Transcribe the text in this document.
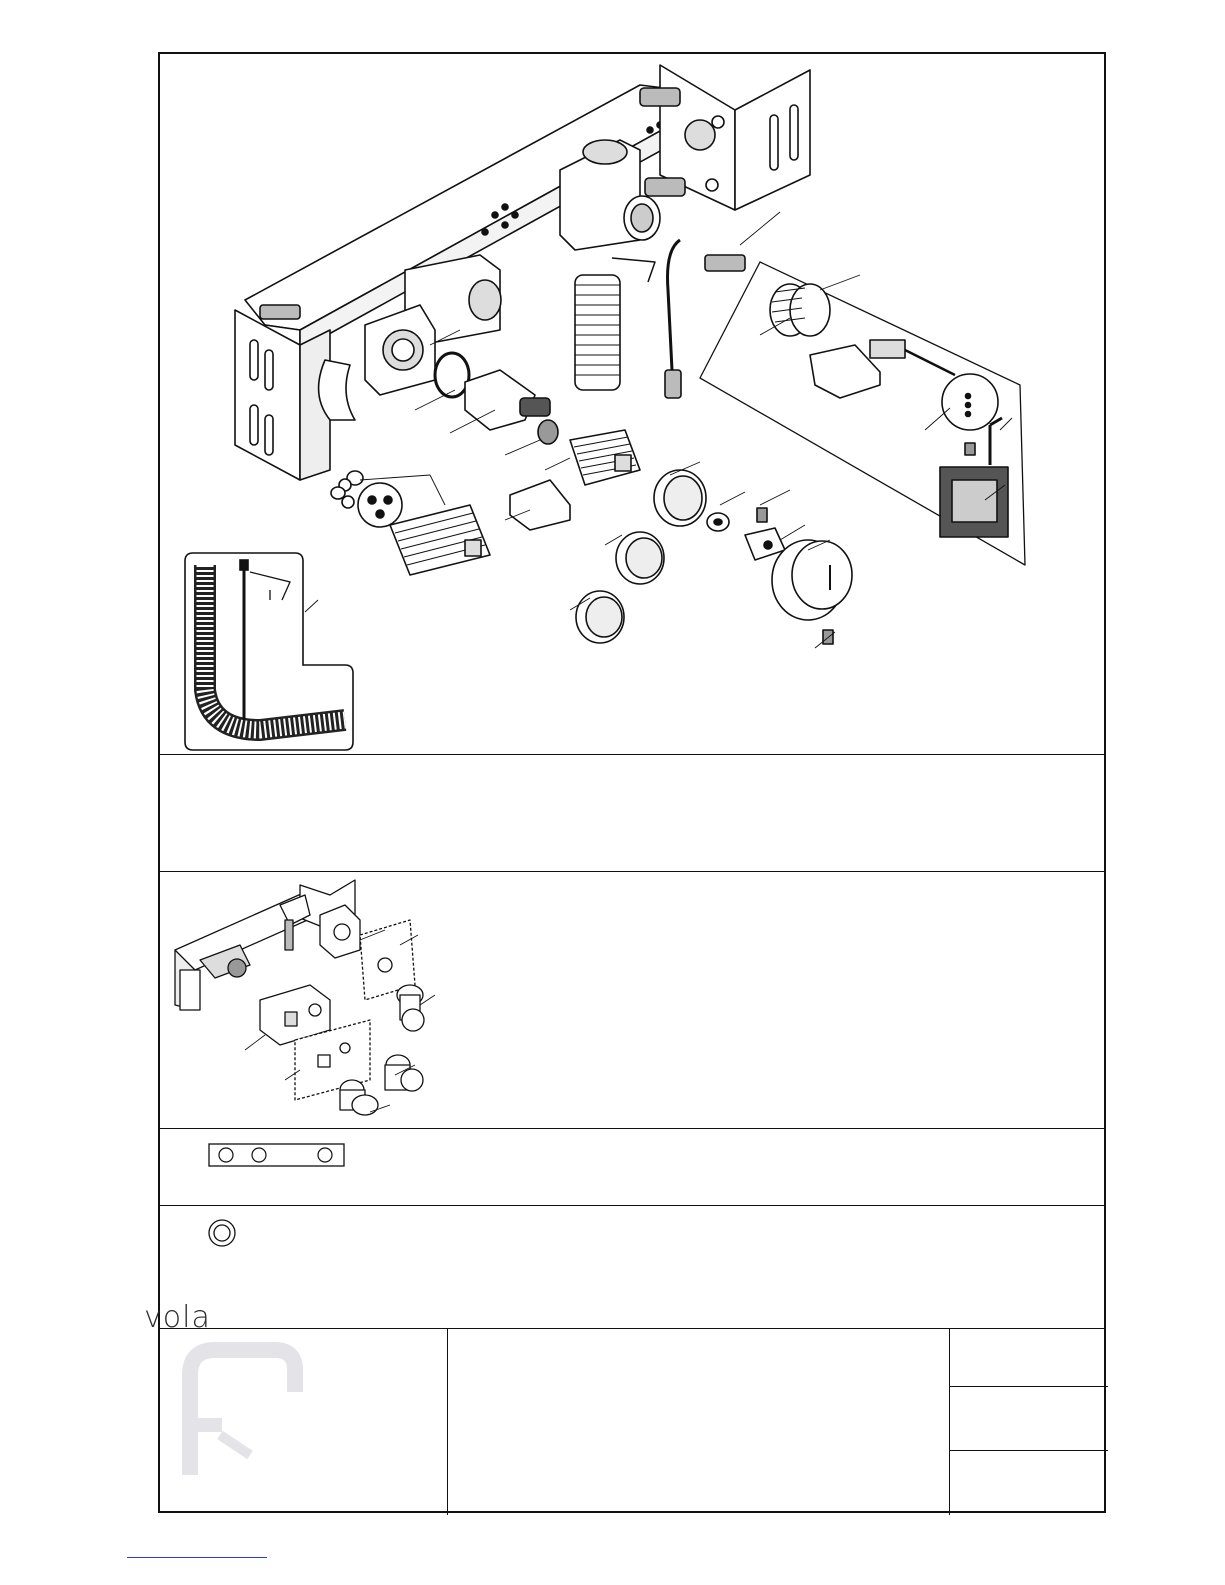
vola
